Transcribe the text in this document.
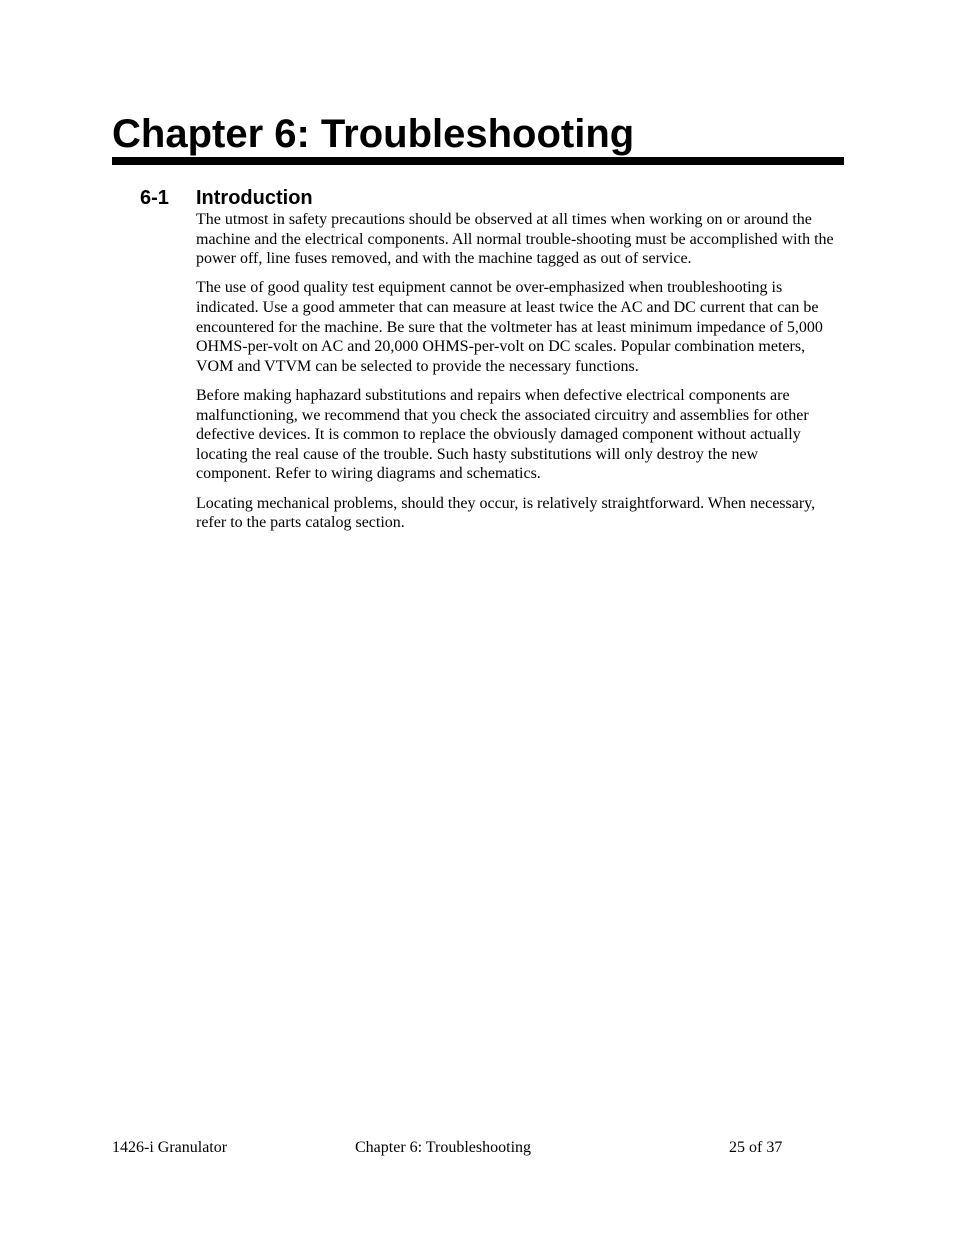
Chapter 6: Troubleshooting
6-1 Introduction

The utmost in safety precautions should be observed at all times when working on or around the machine and the electrical components. All normal trouble-shooting must be accomplished with the power off, line fuses removed, and with the machine tagged as out of service.

The use of good quality test equipment cannot be over-emphasized when troubleshooting is indicated. Use a good ammeter that can measure at least twice the AC and DC current that can be encountered for the machine. Be sure that the voltmeter has at least minimum impedance of 5,000 OHMS-per-volt on AC and 20,000 OHMS-per-volt on DC scales. Popular combination meters, VOM and VTVM can be selected to provide the necessary functions.

Before making haphazard substitutions and repairs when defective electrical components are malfunctioning, we recommend that you check the associated circuitry and assemblies for other defective devices. It is common to replace the obviously damaged component without actually locating the real cause of the trouble. Such hasty substitutions will only destroy the new component. Refer to wiring diagrams and schematics.

Locating mechanical problems, should they occur, is relatively straightforward. When necessary, refer to the parts catalog section.

1426-i Granulator	Chapter 6: Troubleshooting	25 of 37
